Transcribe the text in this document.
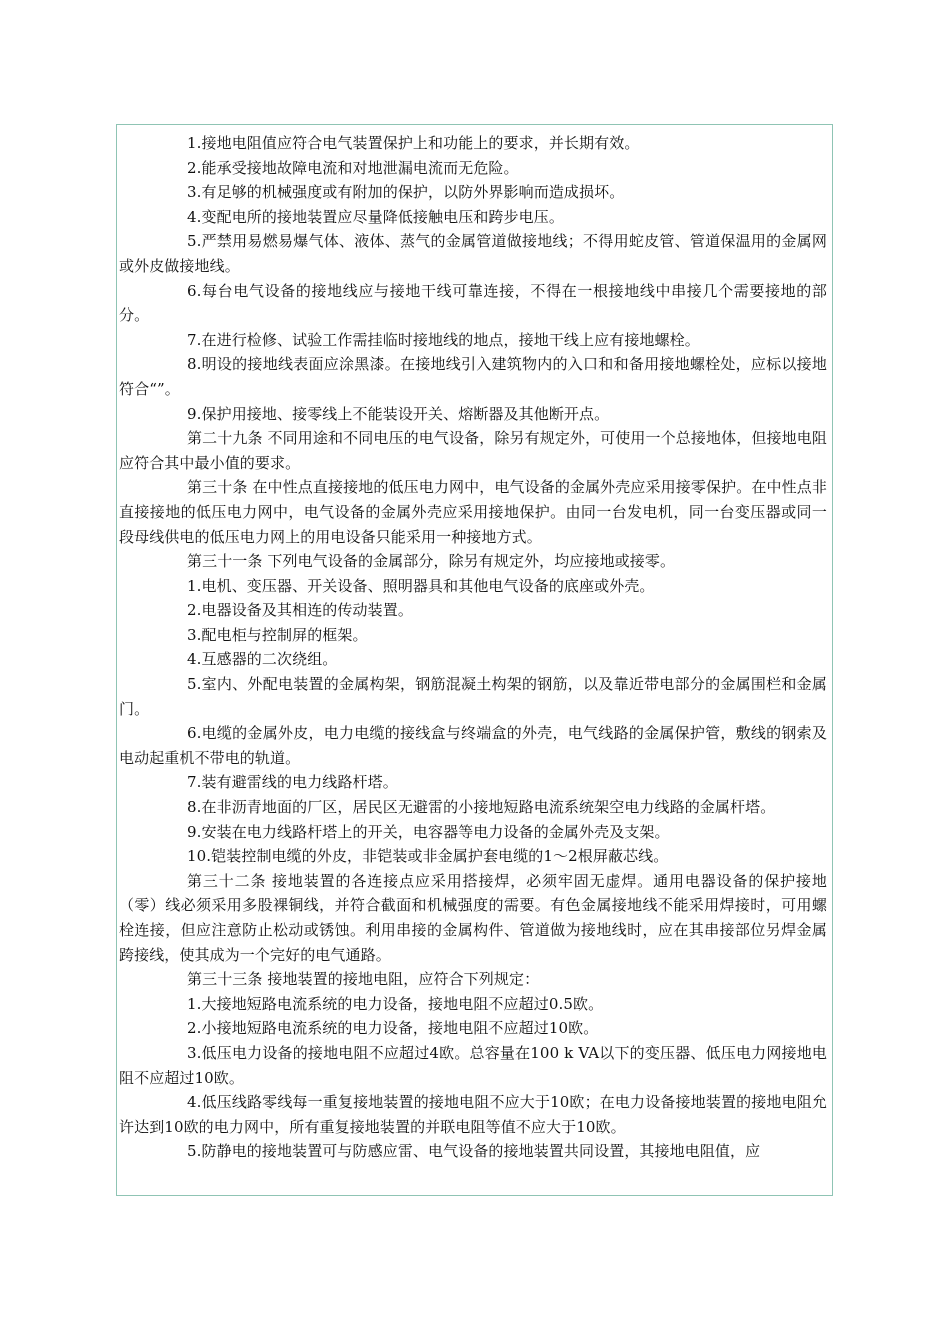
1.接地电阻值应符合电气装置保护上和功能上的要求，并长期有效。

2.能承受接地故障电流和对地泄漏电流而无危险。

3.有足够的机械强度或有附加的保护，以防外界影响而造成损坏。

4.变配电所的接地装置应尽量降低接触电压和跨步电压。

5.严禁用易燃易爆气体、液体、蒸气的金属管道做接地线；不得用蛇皮管、管道保温用的金属网或外皮做接地线。

6.每台电气设备的接地线应与接地干线可靠连接，不得在一根接地线中串接几个需要接地的部分。

7.在进行检修、试验工作需挂临时接地线的地点，接地干线上应有接地螺栓。

8.明设的接地线表面应涂黑漆。在接地线引入建筑物内的入口和和备用接地螺栓处，应标以接地符合“”。

9.保护用接地、接零线上不能装设开关、熔断器及其他断开点。

第二十九条 不同用途和不同电压的电气设备，除另有规定外，可使用一个总接地体，但接地电阻应符合其中最小值的要求。

第三十条 在中性点直接接地的低压电力网中，电气设备的金属外壳应采用接零保护。在中性点非直接接地的低压电力网中，电气设备的金属外壳应采用接地保护。由同一台发电机，同一台变压器或同一段母线供电的低压电力网上的用电设备只能采用一种接地方式。

第三十一条 下列电气设备的金属部分，除另有规定外，均应接地或接零。

1.电机、变压器、开关设备、照明器具和其他电气设备的底座或外壳。

2.电器设备及其相连的传动装置。

3.配电柜与控制屏的框架。

4.互感器的二次绕组。

5.室内、外配电装置的金属构架，钢筋混凝土构架的钢筋，以及靠近带电部分的金属围栏和金属门。

6.电缆的金属外皮，电力电缆的接线盒与终端盒的外壳，电气线路的金属保护管，敷线的钢索及电动起重机不带电的轨道。

7.装有避雷线的电力线路杆塔。

8.在非沥青地面的厂区，居民区无避雷的小接地短路电流系统架空电力线路的金属杆塔。

9.安装在电力线路杆塔上的开关，电容器等电力设备的金属外壳及支架。

10.铠装控制电缆的外皮，非铠装或非金属护套电缆的1～2根屏蔽芯线。

第三十二条 接地装置的各连接点应采用搭接焊，必须牢固无虚焊。通用电器设备的保护接地（零）线必须采用多股裸铜线，并符合截面和机械强度的需要。有色金属接地线不能采用焊接时，可用螺栓连接，但应注意防止松动或锈蚀。利用串接的金属构件、管道做为接地线时，应在其串接部位另焊金属跨接线，使其成为一个完好的电气通路。

第三十三条 接地装置的接地电阻，应符合下列规定：

1.大接地短路电流系统的电力设备，接地电阻不应超过0.5欧。

2.小接地短路电流系统的电力设备，接地电阻不应超过10欧。

3.低压电力设备的接地电阻不应超过4欧。总容量在100 k VA以下的变压器、低压电力网接地电阻不应超过10欧。

4.低压线路零线每一重复接地装置的接地电阻不应大于10欧；在电力设备接地装置的接地电阻允许达到10欧的电力网中，所有重复接地装置的并联电阻等值不应大于10欧。

5.防静电的接地装置可与防感应雷、电气设备的接地装置共同设置，其接地电阻值，应
